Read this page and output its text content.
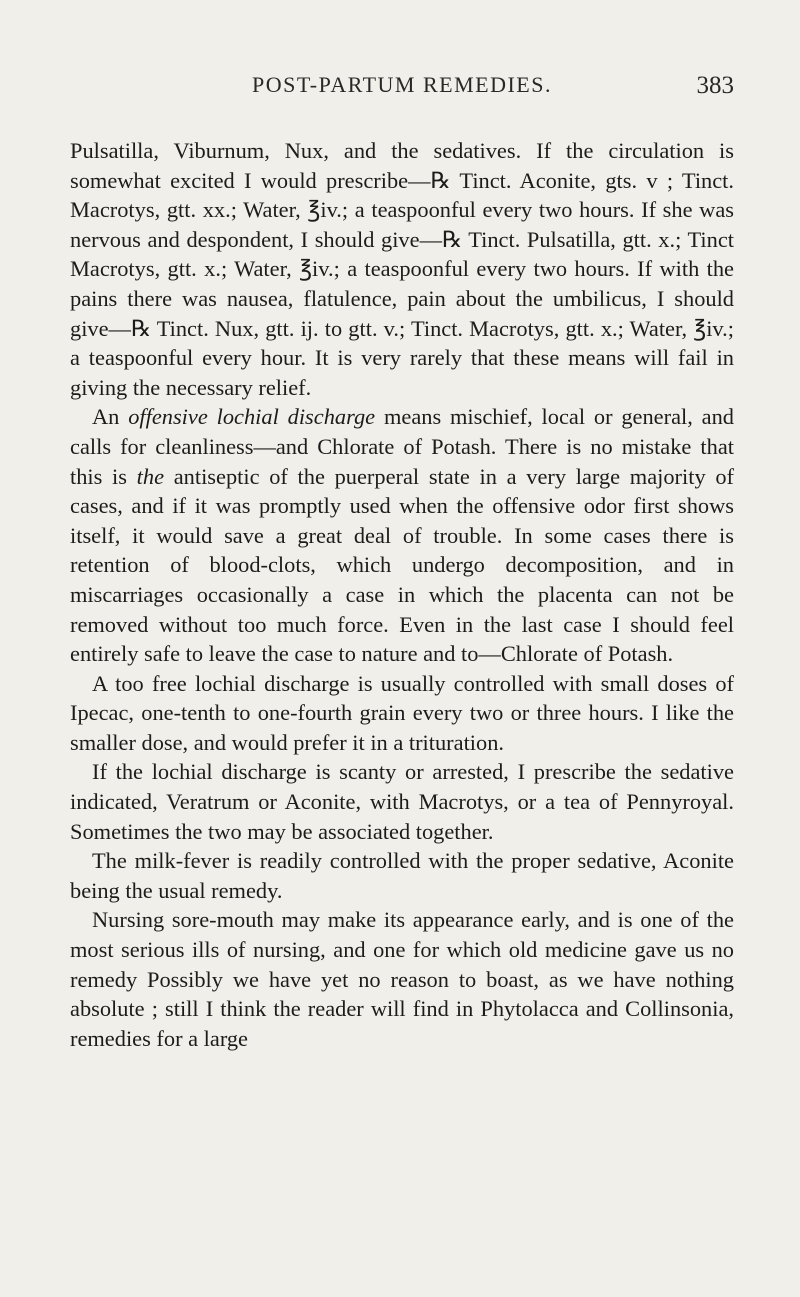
POST-PARTUM REMEDIES.	383

Pulsatilla, Viburnum, Nux, and the sedatives. If the circulation is somewhat excited I would prescribe—℞ Tinct. Aconite, gts. v ; Tinct. Macrotys, gtt. xx.; Water, ℥iv.; a teaspoonful every two hours. If she was nervous and despondent, I should give—℞ Tinct. Pulsatilla, gtt. x.; Tinct Macrotys, gtt. x.; Water, ℥iv.; a teaspoonful every two hours. If with the pains there was nausea, flatulence, pain about the umbilicus, I should give—℞ Tinct. Nux, gtt. ij. to gtt. v.; Tinct. Macrotys, gtt. x.; Water, ℥iv.; a teaspoonful every hour. It is very rarely that these means will fail in giving the necessary relief.

An offensive lochial discharge means mischief, local or general, and calls for cleanliness—and Chlorate of Potash. There is no mistake that this is the antiseptic of the puerperal state in a very large majority of cases, and if it was promptly used when the offensive odor first shows itself, it would save a great deal of trouble. In some cases there is retention of blood-clots, which undergo decomposition, and in miscarriages occasionally a case in which the placenta can not be removed without too much force. Even in the last case I should feel entirely safe to leave the case to nature and to—Chlorate of Potash.

A too free lochial discharge is usually controlled with small doses of Ipecac, one-tenth to one-fourth grain every two or three hours. I like the smaller dose, and would prefer it in a trituration.

If the lochial discharge is scanty or arrested, I prescribe the sedative indicated, Veratrum or Aconite, with Macrotys, or a tea of Pennyroyal. Sometimes the two may be associated together.

The milk-fever is readily controlled with the proper sedative, Aconite being the usual remedy.

Nursing sore-mouth may make its appearance early, and is one of the most serious ills of nursing, and one for which old medicine gave us no remedy Possibly we have yet no reason to boast, as we have nothing absolute ; still I think the reader will find in Phytolacca and Collinsonia, remedies for a large
